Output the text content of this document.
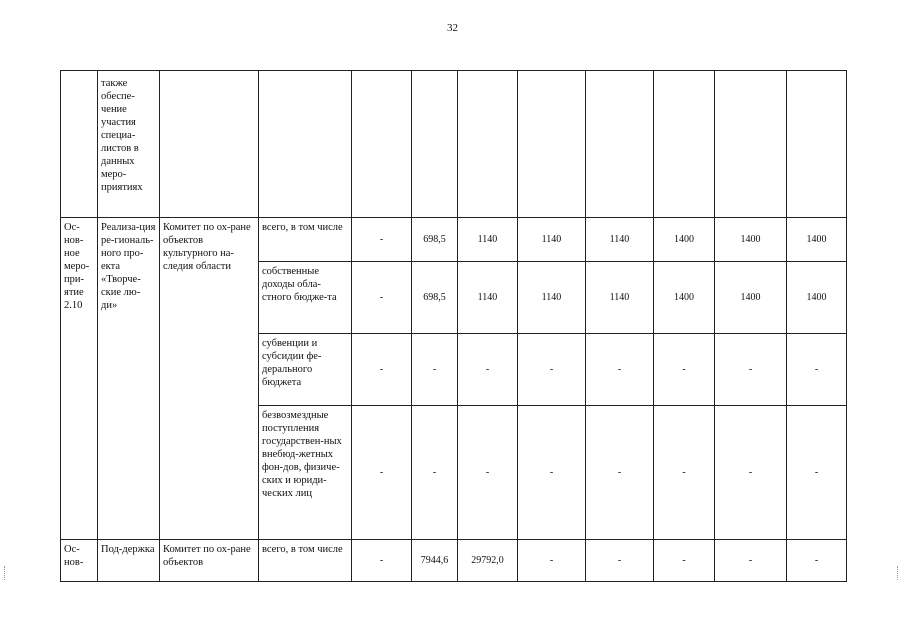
32
	также обеспе-чение участия специа-листов в данных меро-приятиях										
Ос-нов-ное меро-при-ятие 2.10	Реализа-ция ре-гиональ-ного про-екта «Творче-ские лю-ди»	Комитет по ох-ране объектов культурного на-следия области	всего, в том числе	-	698,5	1140	1140	1140	1400	1400	1400
			собственные доходы обла-стного бюдже-та	-	698,5	1140	1140	1140	1400	1400	1400
			субвенции и субсидии фе-дерального бюджета	-	-	-	-	-	-	-	-
			безвозмездные поступления государствен-ных внебюд-жетных фон-дов, физиче-ских и юриди-ческих лиц	-	-	-	-	-	-	-	-
Ос-нов-	Под-держка	Комитет по ох-ране объектов	всего, в том числе	-	7944,6	29792,0	-	-	-	-	-
